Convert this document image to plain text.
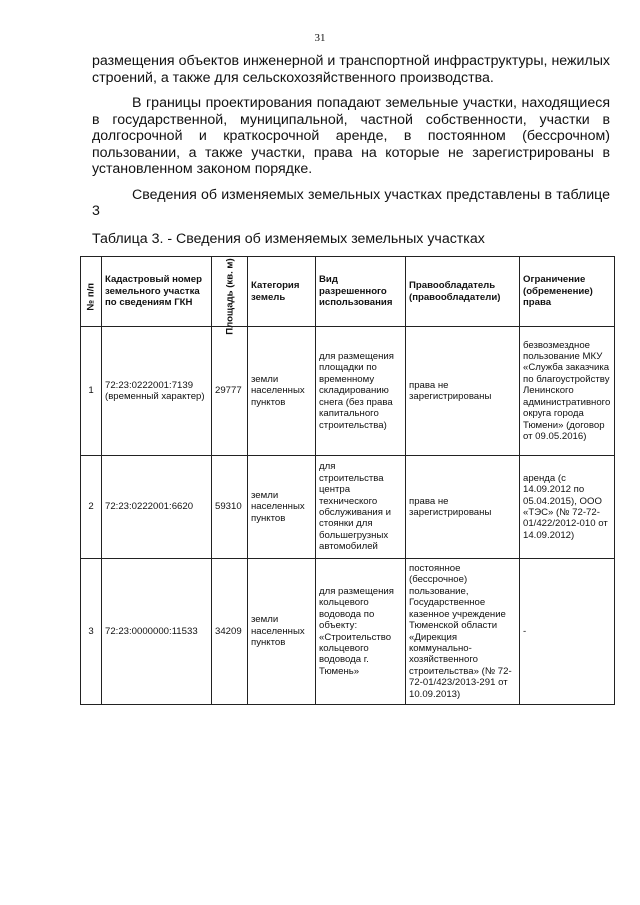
31

размещения объектов инженерной и транспортной инфраструктуры, нежилых строений, а также для сельскохозяйственного производства.

В границы проектирования попадают земельные участки, находящиеся в государственной, муниципальной, частной собственности, участки в долгосрочной и краткосрочной аренде, в постоянном (бессрочном) пользовании, а также участки, права на которые не зарегистрированы в установленном законом порядке.

Сведения об изменяемых земельных участках представлены в таблице 3

Таблица 3. - Сведения об изменяемых земельных участках
№ п/п	Кадастровый номер земельного участка по сведениям ГКН	Площадь (кв. м)	Категория земель	Вид разрешенного использования	Правообладатель (правообладатели)	Ограничение (обременение) права
1	72:23:0222001:7139 (временный характер)	29777	земли населенных пунктов	для размещения площадки по временному складированию снега (без права капитального строительства)	права не зарегистрированы	безвозмездное пользование МКУ «Служба заказчика по благоустройству Ленинского административного округа города Тюмени» (договор от 09.05.2016)
2	72:23:0222001:6620	59310	земли населенных пунктов	для строительства центра технического обслуживания и стоянки для большегрузных автомобилей	права не зарегистрированы	аренда (с 14.09.2012 по 05.04.2015), ООО «ТЭС» (№ 72-72-01/422/2012-010 от 14.09.2012)
3	72:23:0000000:11533	34209	земли населенных пунктов	для размещения кольцевого водовода по объекту: «Строительство кольцевого водовода г. Тюмень»	постоянное (бессрочное) пользование, Государственное казенное учреждение Тюменской области «Дирекция коммунально-хозяйственного строительства» (№ 72-72-01/423/2013-291 от 10.09.2013)	-
